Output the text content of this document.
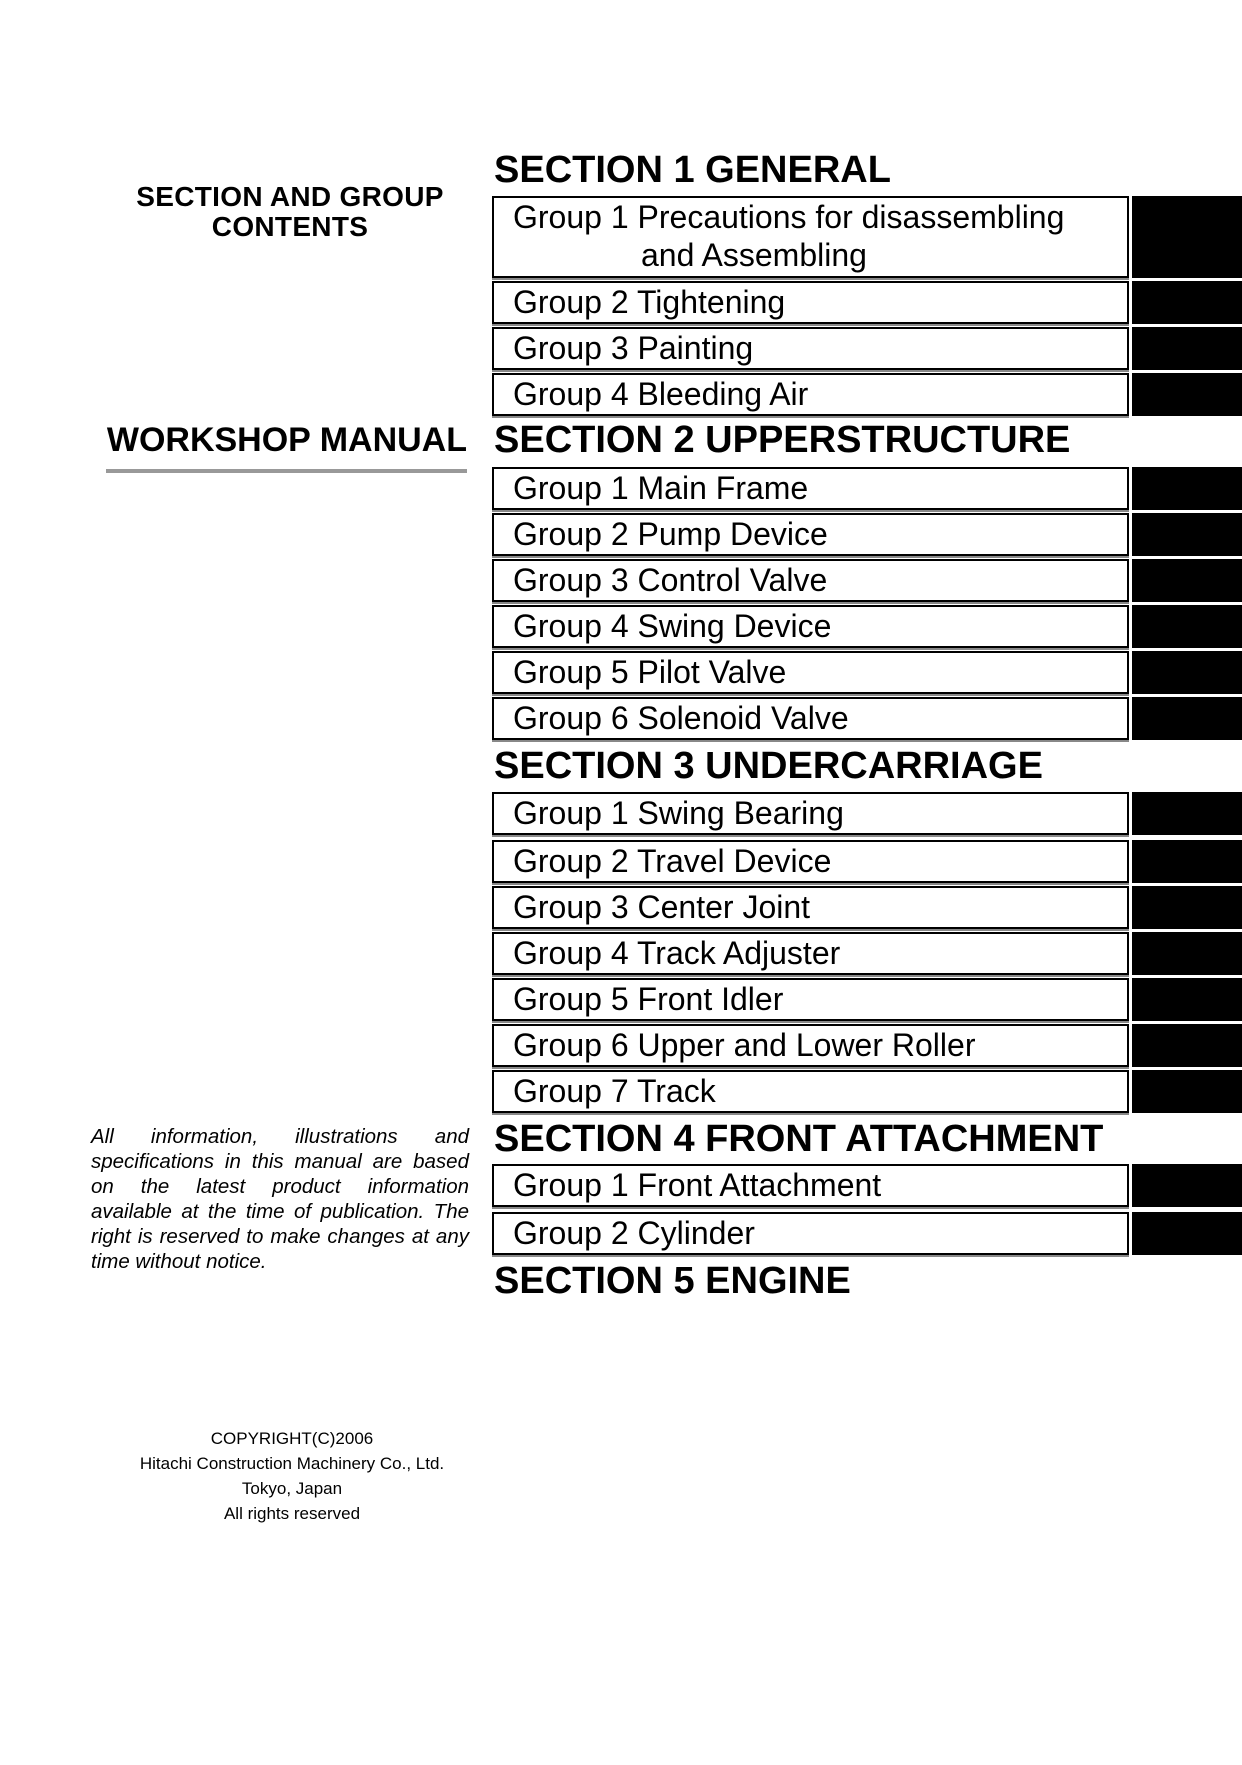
SECTION AND GROUP
CONTENTS
WORKSHOP MANUAL
All information, illustrations and specifications in this manual are based on the latest product information available at the time of publication. The right is reserved to make changes at any time without notice.
COPYRIGHT(C)2006
Hitachi Construction Machinery Co., Ltd.
Tokyo, Japan
All rights reserved
SECTION 1 GENERAL
Group 1 Precautions for disassembling
and Assembling
Group 2 Tightening
Group 3 Painting
Group 4 Bleeding Air
SECTION 2 UPPERSTRUCTURE
Group 1 Main Frame
Group 2 Pump Device
Group 3 Control Valve
Group 4 Swing Device
Group 5 Pilot Valve
Group 6 Solenoid Valve
SECTION 3 UNDERCARRIAGE
Group 1 Swing Bearing
Group 2 Travel Device
Group 3 Center Joint
Group 4 Track Adjuster
Group 5 Front Idler
Group 6 Upper and Lower Roller
Group 7 Track
SECTION 4 FRONT ATTACHMENT
Group 1 Front Attachment
Group 2 Cylinder
SECTION 5 ENGINE
